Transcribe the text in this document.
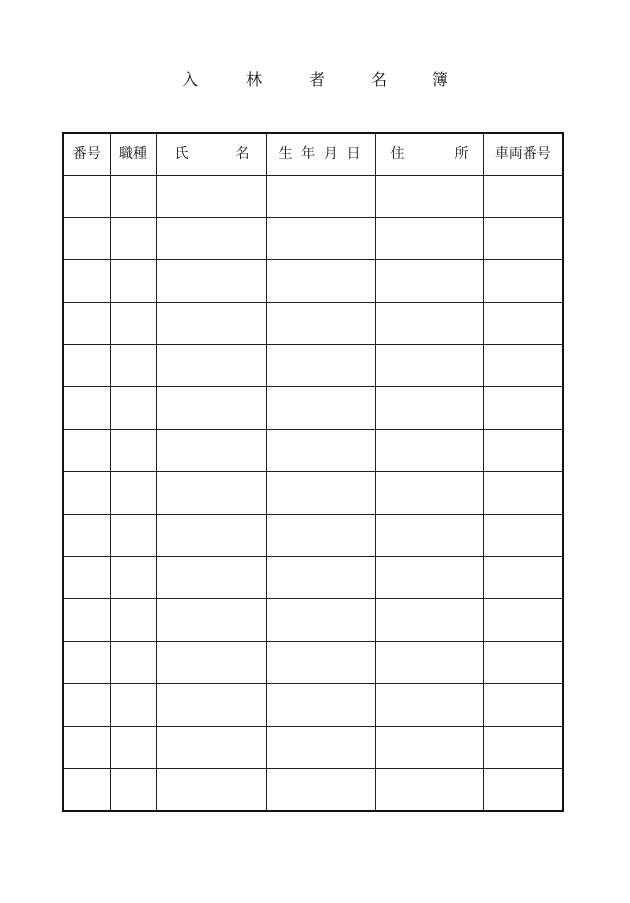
入	林	者	名	簿
番号	職種	氏 名	生 年 月 日	住 所	車両番号
